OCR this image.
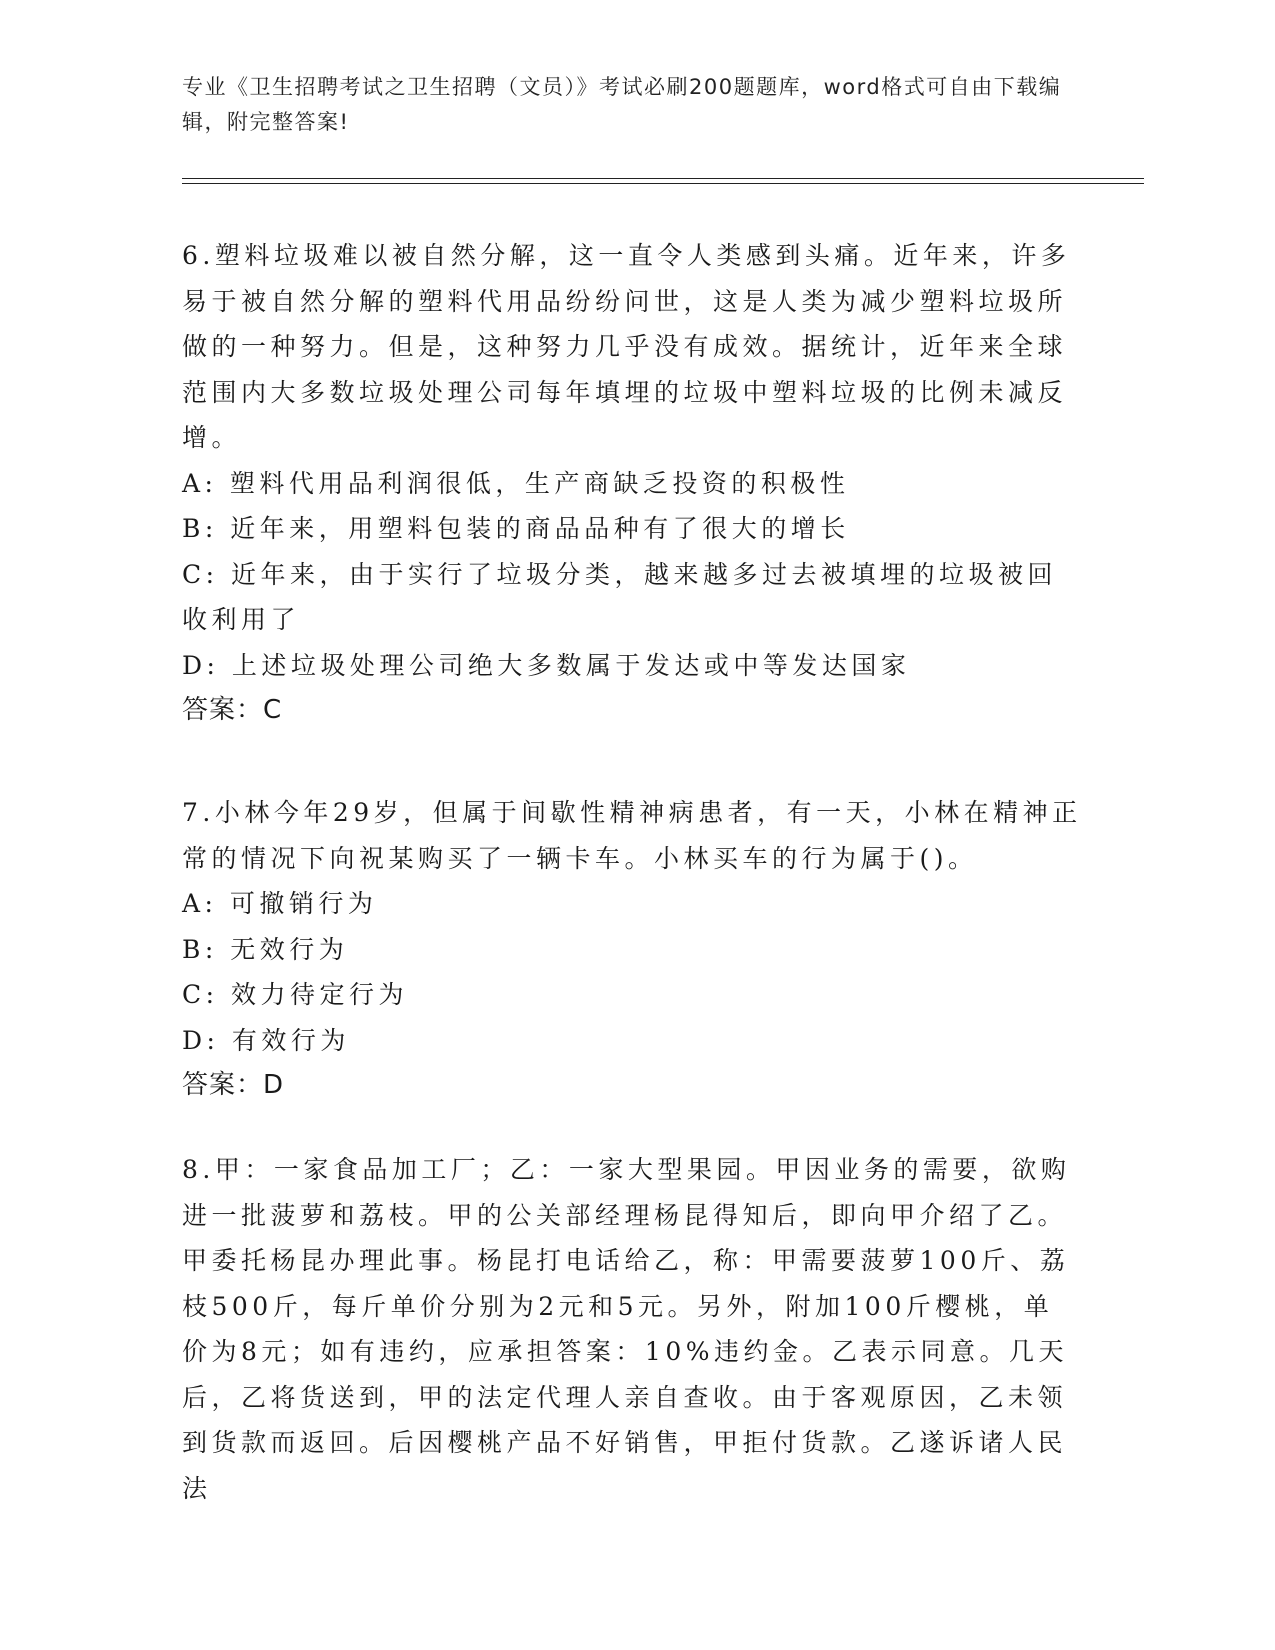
专业《卫生招聘考试之卫生招聘（文员）》考试必刷200题题库，word格式可自由下载编辑，附完整答案!

6.塑料垃圾难以被自然分解，这一直令人类感到头痛。近年来，许多易于被自然分解的塑料代用品纷纷问世，这是人类为减少塑料垃圾所做的一种努力。但是，这种努力几乎没有成效。据统计，近年来全球范围内大多数垃圾处理公司每年填埋的垃圾中塑料垃圾的比例未减反增。

A: 塑料代用品利润很低，生产商缺乏投资的积极性

B: 近年来，用塑料包装的商品品种有了很大的增长

C: 近年来，由于实行了垃圾分类，越来越多过去被填埋的垃圾被回收利用了

D: 上述垃圾处理公司绝大多数属于发达或中等发达国家

答案：C

7.小林今年29岁，但属于间歇性精神病患者，有一天，小林在精神正常的情况下向祝某购买了一辆卡车。小林买车的行为属于()。

A: 可撤销行为

B: 无效行为

C: 效力待定行为

D: 有效行为

答案：D

8.甲：一家食品加工厂；乙：一家大型果园。甲因业务的需要，欲购进一批菠萝和荔枝。甲的公关部经理杨昆得知后，即向甲介绍了乙。甲委托杨昆办理此事。杨昆打电话给乙，称：甲需要菠萝100斤、荔枝500斤，每斤单价分别为2元和5元。另外，附加100斤樱桃，单价为8元；如有违约，应承担答案：10%违约金。乙表示同意。几天后，乙将货送到，甲的法定代理人亲自查收。由于客观原因，乙未领到货款而返回。后因樱桃产品不好销售，甲拒付货款。乙遂诉诸人民法
